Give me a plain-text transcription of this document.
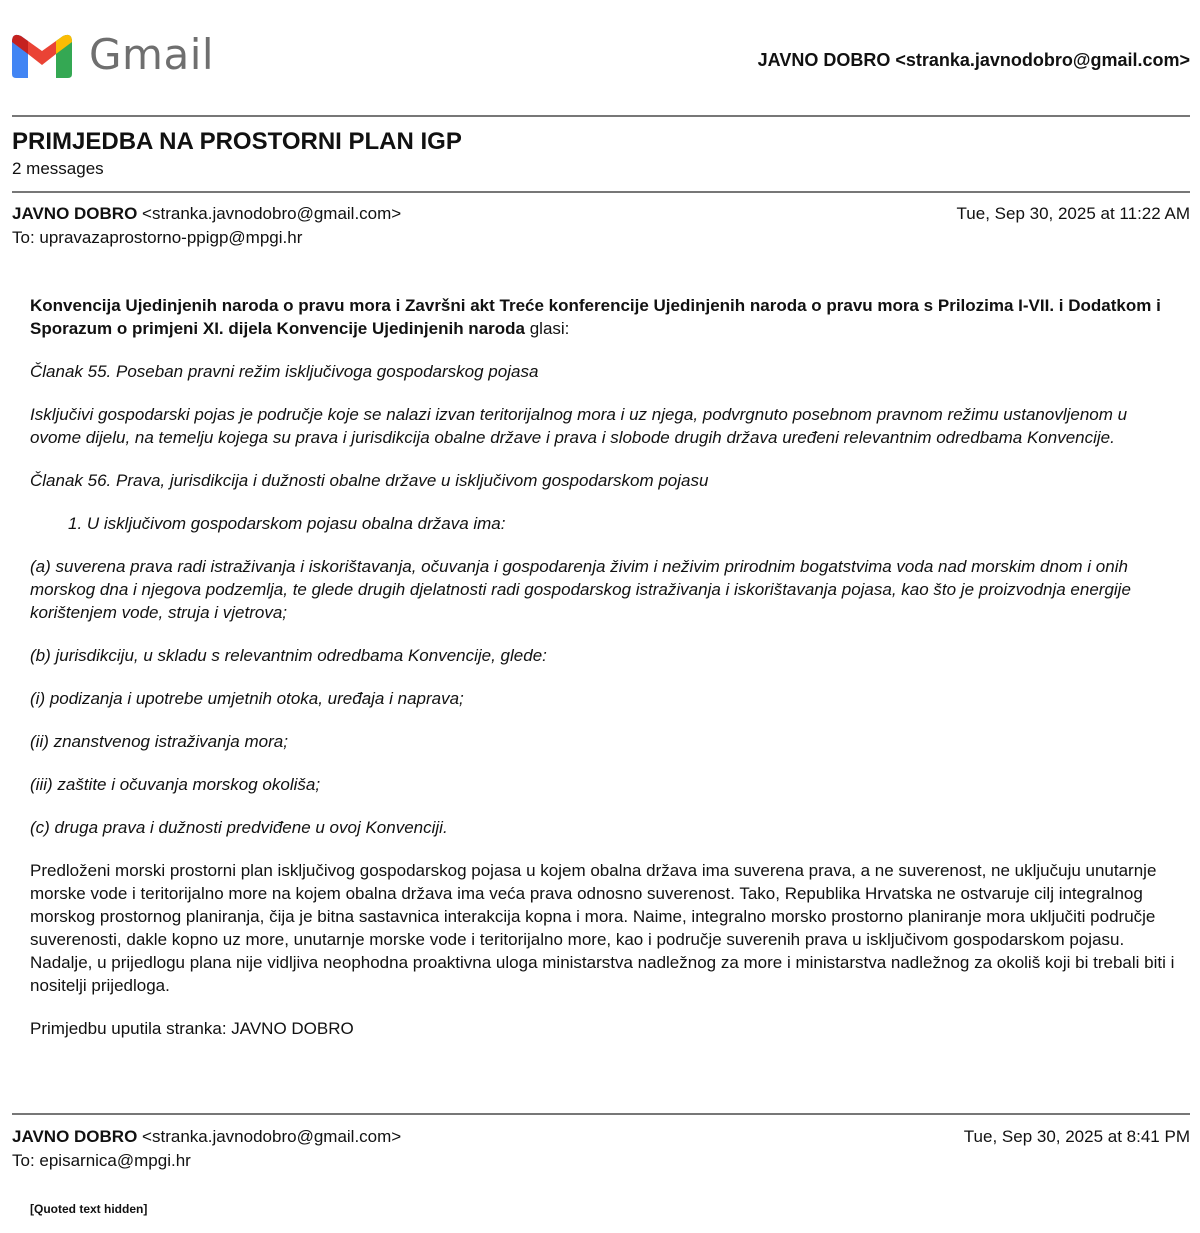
Gmail	JAVNO DOBRO <stranka.javnodobro@gmail.com>
PRIMJEDBA NA PROSTORNI PLAN IGP
2 messages
JAVNO DOBRO <stranka.javnodobro@gmail.com>	Tue, Sep 30, 2025 at 11:22 AM
To: upravazaprostorno-ppigp@mpgi.hr

Konvencija Ujedinjenih naroda o pravu mora i Završni akt Treće konferencije Ujedinjenih naroda o pravu mora s Prilozima I-VII. i Dodatkom i Sporazum o primjeni XI. dijela Konvencije Ujedinjenih naroda glasi:

Članak 55. Poseban pravni režim isključivoga gospodarskog pojasa

Isključivi gospodarski pojas je područje koje se nalazi izvan teritorijalnog mora i uz njega, podvrgnuto posebnom pravnom režimu ustanovljenom u ovome dijelu, na temelju kojega su prava i jurisdikcija obalne države i prava i slobode drugih država uređeni relevantnim odredbama Konvencije.

Članak 56. Prava, jurisdikcija i dužnosti obalne države u isključivom gospodarskom pojasu

1. U isključivom gospodarskom pojasu obalna država ima:

(a) suverena prava radi istraživanja i iskorištavanja, očuvanja i gospodarenja živim i neživim prirodnim bogatstvima voda nad morskim dnom i onih morskog dna i njegova podzemlja, te glede drugih djelatnosti radi gospodarskog istraživanja i iskorištavanja pojasa, kao što je proizvodnja energije korištenjem vode, struja i vjetrova;

(b) jurisdikciju, u skladu s relevantnim odredbama Konvencije, glede:

(i) podizanja i upotrebe umjetnih otoka, uređaja i naprava;

(ii) znanstvenog istraživanja mora;

(iii) zaštite i očuvanja morskog okoliša;

(c) druga prava i dužnosti predviđene u ovoj Konvenciji.

Predloženi morski prostorni plan isključivog gospodarskog pojasa u kojem obalna država ima suverena prava, a ne suverenost, ne uključuju unutarnje morske vode i teritorijalno more na kojem obalna država ima veća prava odnosno suverenost. Tako, Republika Hrvatska ne ostvaruje cilj integralnog morskog prostornog planiranja, čija je bitna sastavnica interakcija kopna i mora. Naime, integralno morsko prostorno planiranje mora uključiti područje suverenosti, dakle kopno uz more, unutarnje morske vode i teritorijalno more, kao i područje suverenih prava u isključivom gospodarskom pojasu. Nadalje, u prijedlogu plana nije vidljiva neophodna proaktivna uloga ministarstva nadležnog za more i ministarstva nadležnog za okoliš koji bi trebali biti i nositelji prijedloga.

Primjedbu uputila stranka: JAVNO DOBRO

JAVNO DOBRO <stranka.javnodobro@gmail.com>	Tue, Sep 30, 2025 at 8:41 PM
To: episarnica@mpgi.hr
[Quoted text hidden]
